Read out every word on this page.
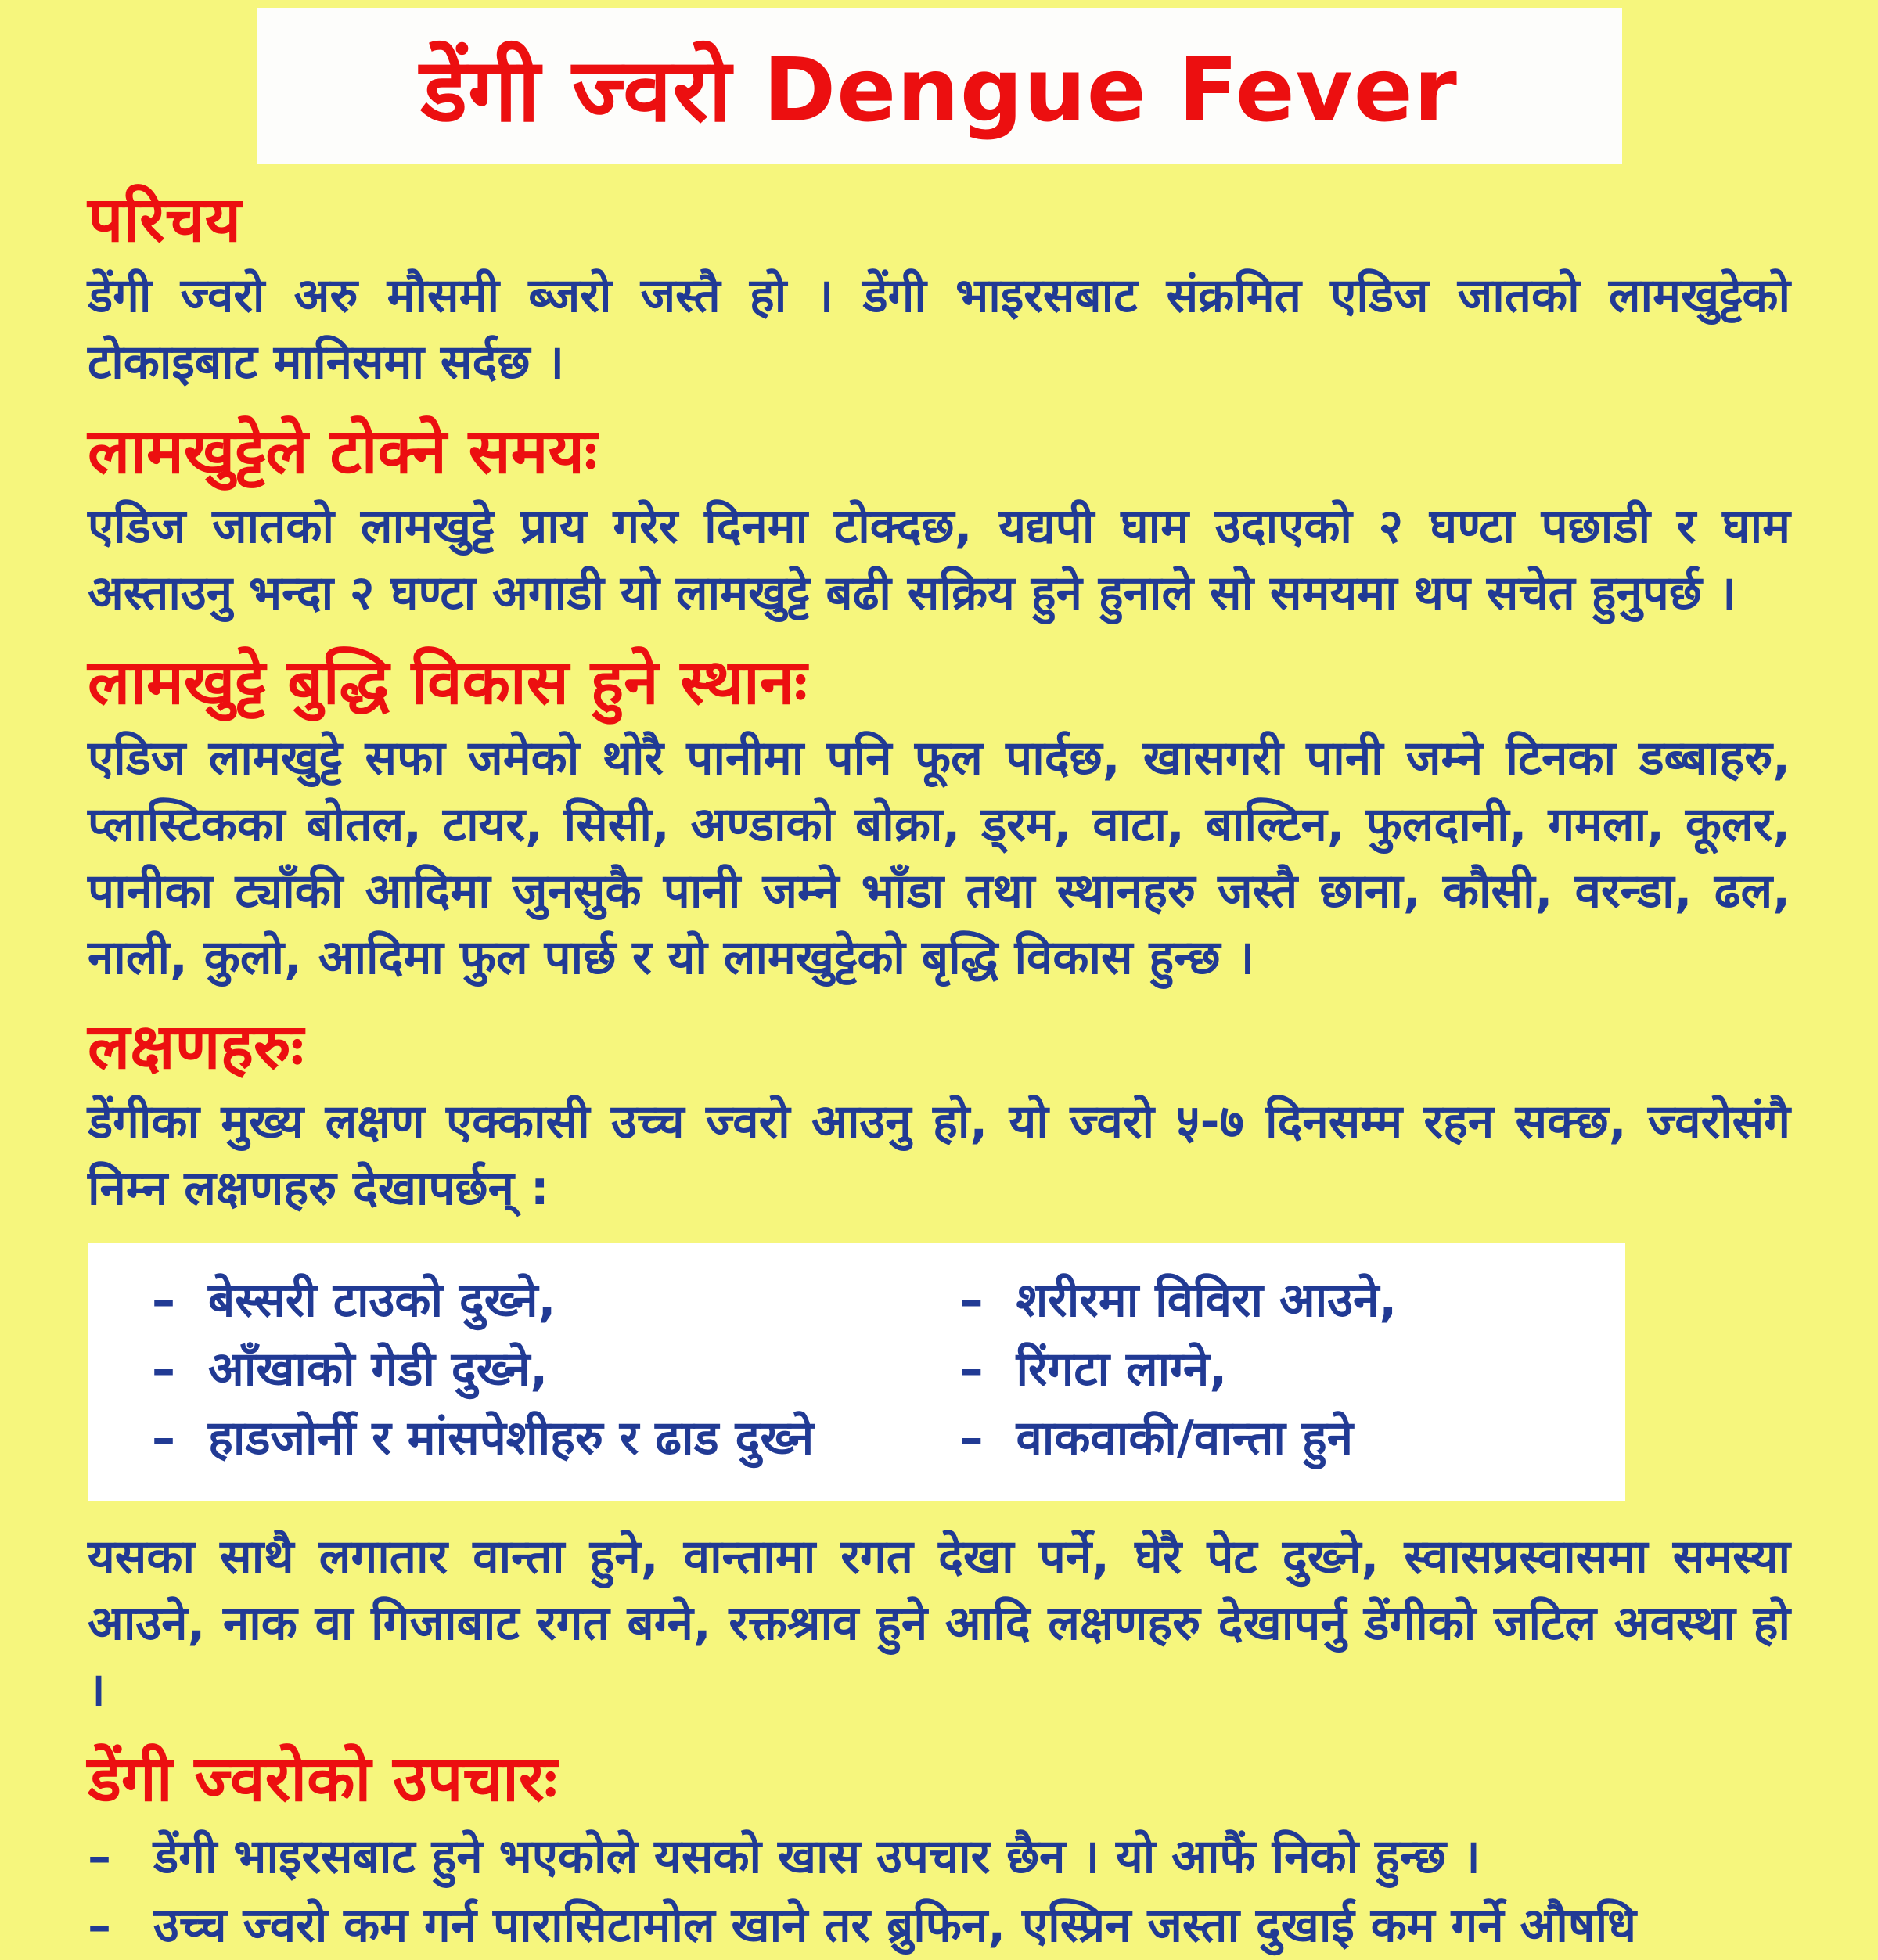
डेंगी ज्वरो Dengue Fever
परिचय

डेंगी ज्वरो अरु मौसमी ब्जरो जस्तै हो । डेंगी भाइरसबाट संक्रमित एडिज जातको लामखुट्टेको टोकाइबाट मानिसमा सर्दछ ।

लामखुट्टेले टोक्ने समयः

एडिज जातको लामखुट्टे प्राय गरेर दिनमा टोक्दछ, यद्यपी घाम उदाएको २ घण्टा पछाडी र घाम अस्ताउनु भन्दा २ घण्टा अगाडी यो लामखुट्टे बढी सक्रिय हुने हुनाले सो समयमा थप सचेत हुनुपर्छ ।

लामखुट्टे बुद्धि विकास हुने स्थानः

एडिज लामखुट्टे सफा जमेको थोरै पानीमा पनि फूल पार्दछ, खासगरी पानी जम्ने टिनका डब्बाहरु, प्लास्टिकका बोतल, टायर, सिसी, अण्डाको बोक्रा, ड्रम, वाटा, बाल्टिन, फुलदानी, गमला, कूलर, पानीका ट्याँकी आदिमा जुनसुकै पानी जम्ने भाँडा तथा स्थानहरु जस्तै छाना, कौसी, वरन्डा, ढल, नाली, कुलो, आदिमा फुल पार्छ र यो लामखुट्टेको बृद्धि विकास हुन्छ ।

लक्षणहरुः

डेंगीका मुख्य लक्षण एक्कासी उच्च ज्वरो आउनु हो, यो ज्वरो ५-७ दिनसम्म रहन सक्छ, ज्वरोसंगै निम्न लक्षणहरु देखापर्छन् :

– बेस्सरी टाउको दुख्ने,
– आँखाको गेडी दुख्ने,
– हाडजोर्नी र मांसपेशीहरु र ढाड दुख्ने
– शरीरमा विविरा आउने,
– रिंगटा लाग्ने,
– वाकवाकी/वान्ता हुने

यसका साथै लगातार वान्ता हुने, वान्तामा रगत देखा पर्ने, घेरै पेट दुख्ने, स्वासप्रस्वासमा समस्या आउने, नाक वा गिजाबाट रगत बग्ने, रक्तश्राव हुने आदि लक्षणहरु देखापर्नु डेंगीको जटिल अवस्था हो ।

डेंगी ज्वरोको उपचारः
– डेंगी भाइरसबाट हुने भएकोले यसको खास उपचार छैन । यो आफैं निको हुन्छ ।
– उच्च ज्वरो कम गर्न पारासिटामोल खाने तर ब्रुफिन, एस्प्रिन जस्ता दुखाई कम गर्ने औषधि
